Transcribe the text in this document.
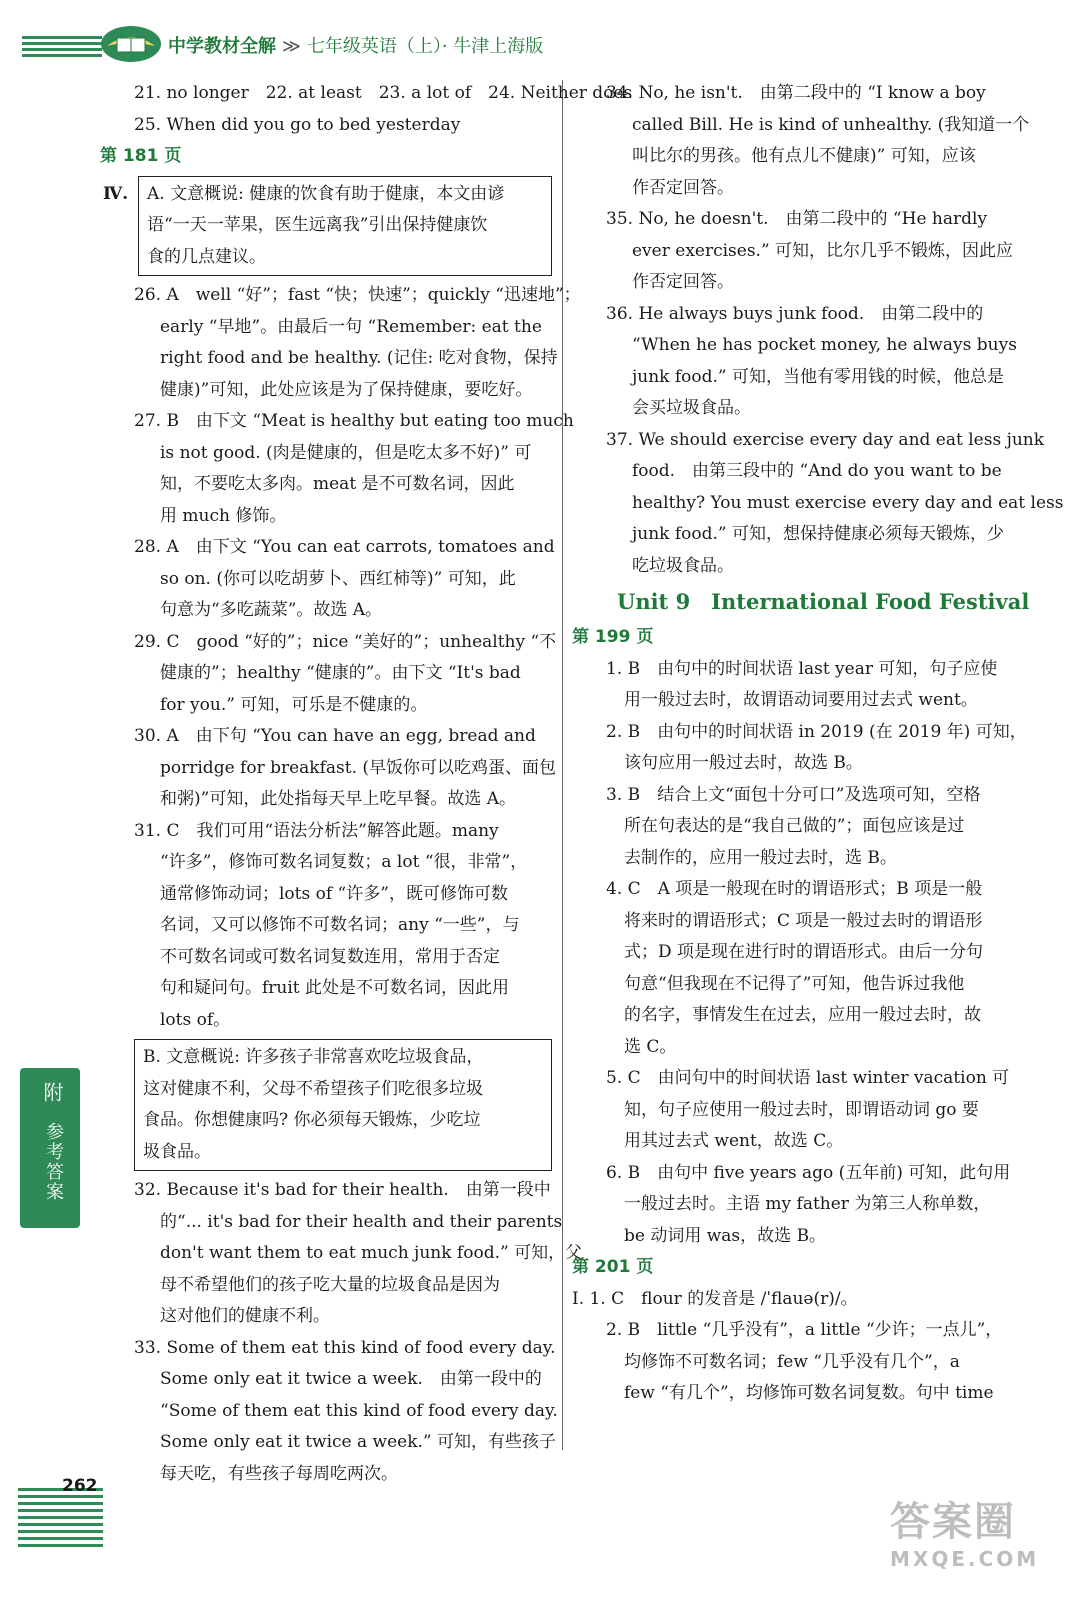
中学教材全解 ≫ 七年级英语（上）· 牛津上海版
21. no longer　22. at least　23. a lot of　24. Neither does
25. When did you go to bed yesterday
第 181 页
Ⅳ. A. 文意概说: 健康的饮食有助于健康，本文由谚
语“一天一苹果，医生远离我”引出保持健康饮
食的几点建议。
26. A　well “好”；fast “快；快速”；quickly “迅速地”；
early “早地”。由最后一句 “Remember: eat the
right food and be healthy. (记住: 吃对食物，保持
健康)”可知，此处应该是为了保持健康，要吃好。
27. B　由下文 “Meat is healthy but eating too much
is not good. (肉是健康的，但是吃太多不好)” 可
知，不要吃太多肉。meat 是不可数名词，因此
用 much 修饰。
28. A　由下文 “You can eat carrots, tomatoes and
so on. (你可以吃胡萝卜、西红柿等)” 可知，此
句意为“多吃蔬菜”。故选 A。
29. C　good “好的”；nice “美好的”；unhealthy “不
健康的”；healthy “健康的”。由下文 “It's bad
for you.” 可知，可乐是不健康的。
30. A　由下句 “You can have an egg, bread and
porridge for breakfast. (早饭你可以吃鸡蛋、面包
和粥)”可知，此处指每天早上吃早餐。故选 A。
31. C　我们可用“语法分析法”解答此题。many
“许多”，修饰可数名词复数；a lot “很，非常”，
通常修饰动词；lots of “许多”，既可修饰可数
名词，又可以修饰不可数名词；any “一些”，与
不可数名词或可数名词复数连用，常用于否定
句和疑问句。fruit 此处是不可数名词，因此用
lots of。
B. 文意概说: 许多孩子非常喜欢吃垃圾食品，
这对健康不利，父母不希望孩子们吃很多垃圾
食品。你想健康吗? 你必须每天锻炼，少吃垃
圾食品。
32. Because it's bad for their health.　由第一段中
的“... it's bad for their health and their parents
don't want them to eat much junk food.” 可知，父
母不希望他们的孩子吃大量的垃圾食品是因为
这对他们的健康不利。
33. Some of them eat this kind of food every day.
Some only eat it twice a week.　由第一段中的
“Some of them eat this kind of food every day.
Some only eat it twice a week.” 可知，有些孩子
每天吃，有些孩子每周吃两次。
34. No, he isn't.　由第二段中的 “I know a boy
called Bill. He is kind of unhealthy. (我知道一个
叫比尔的男孩。他有点儿不健康)” 可知，应该
作否定回答。
35. No, he doesn't.　由第二段中的 “He hardly
ever exercises.” 可知，比尔几乎不锻炼，因此应
作否定回答。
36. He always buys junk food.　由第二段中的
“When he has pocket money, he always buys
junk food.” 可知，当他有零用钱的时候，他总是
会买垃圾食品。
37. We should exercise every day and eat less junk
food.　由第三段中的 “And do you want to be
healthy? You must exercise every day and eat less
junk food.” 可知，想保持健康必须每天锻炼，少
吃垃圾食品。
Unit 9　International Food Festival
第 199 页
1. B　由句中的时间状语 last year 可知，句子应使
用一般过去时，故谓语动词要用过去式 went。
2. B　由句中的时间状语 in 2019 (在 2019 年) 可知，
该句应用一般过去时，故选 B。
3. B　结合上文“面包十分可口”及选项可知，空格
所在句表达的是“我自己做的”；面包应该是过
去制作的，应用一般过去时，选 B。
4. C　A 项是一般现在时的谓语形式；B 项是一般
将来时的谓语形式；C 项是一般过去时的谓语形
式；D 项是现在进行时的谓语形式。由后一分句
句意“但我现在不记得了”可知，他告诉过我他
的名字，事情发生在过去，应用一般过去时，故
选 C。
5. C　由问句中的时间状语 last winter vacation 可
知，句子应使用一般过去时，即谓语动词 go 要
用其过去式 went，故选 C。
6. B　由句中 five years ago (五年前) 可知，此句用
一般过去时。主语 my father 为第三人称单数，
be 动词用 was，故选 B。
第 201 页
Ⅰ. 1. C　flour 的发音是 /ˈflauə(r)/。
2. B　little “几乎没有”，a little “少许；一点儿”，
均修饰不可数名词；few “几乎没有几个”，a
few “有几个”，均修饰可数名词复数。句中 time
附
参考答案
262
答案圈
MXQE.COM
